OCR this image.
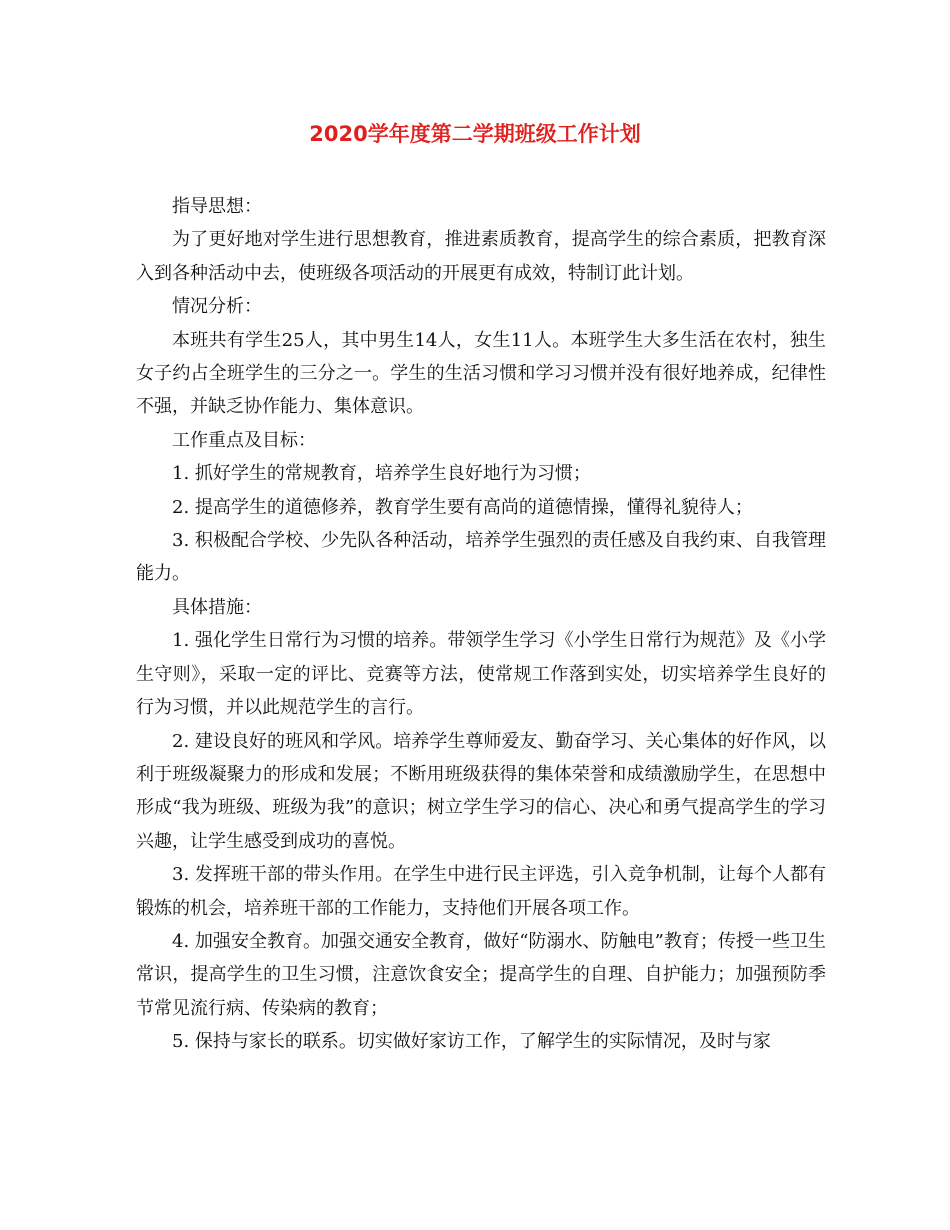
2020学年度第二学期班级工作计划

指导思想：

为了更好地对学生进行思想教育，推进素质教育，提高学生的综合素质，把教育深入到各种活动中去，使班级各项活动的开展更有成效，特制订此计划。

情况分析：

本班共有学生25人，其中男生14人，女生11人。本班学生大多生活在农村，独生女子约占全班学生的三分之一。学生的生活习惯和学习习惯并没有很好地养成，纪律性不强，并缺乏协作能力、集体意识。

工作重点及目标：

1. 抓好学生的常规教育，培养学生良好地行为习惯；

2. 提高学生的道德修养，教育学生要有高尚的道德情操，懂得礼貌待人；

3. 积极配合学校、少先队各种活动，培养学生强烈的责任感及自我约束、自我管理能力。

具体措施：

1. 强化学生日常行为习惯的培养。带领学生学习《小学生日常行为规范》及《小学生守则》，采取一定的评比、竞赛等方法，使常规工作落到实处，切实培养学生良好的行为习惯，并以此规范学生的言行。

2. 建设良好的班风和学风。培养学生尊师爱友、勤奋学习、关心集体的好作风，以利于班级凝聚力的形成和发展；不断用班级获得的集体荣誉和成绩激励学生，在思想中形成“我为班级、班级为我”的意识；树立学生学习的信心、决心和勇气提高学生的学习兴趣，让学生感受到成功的喜悦。

3. 发挥班干部的带头作用。在学生中进行民主评选，引入竞争机制，让每个人都有锻炼的机会，培养班干部的工作能力，支持他们开展各项工作。

4. 加强安全教育。加强交通安全教育，做好“防溺水、防触电”教育；传授一些卫生常识，提高学生的卫生习惯，注意饮食安全；提高学生的自理、自护能力；加强预防季节常见流行病、传染病的教育；

5. 保持与家长的联系。切实做好家访工作，了解学生的实际情况，及时与家
